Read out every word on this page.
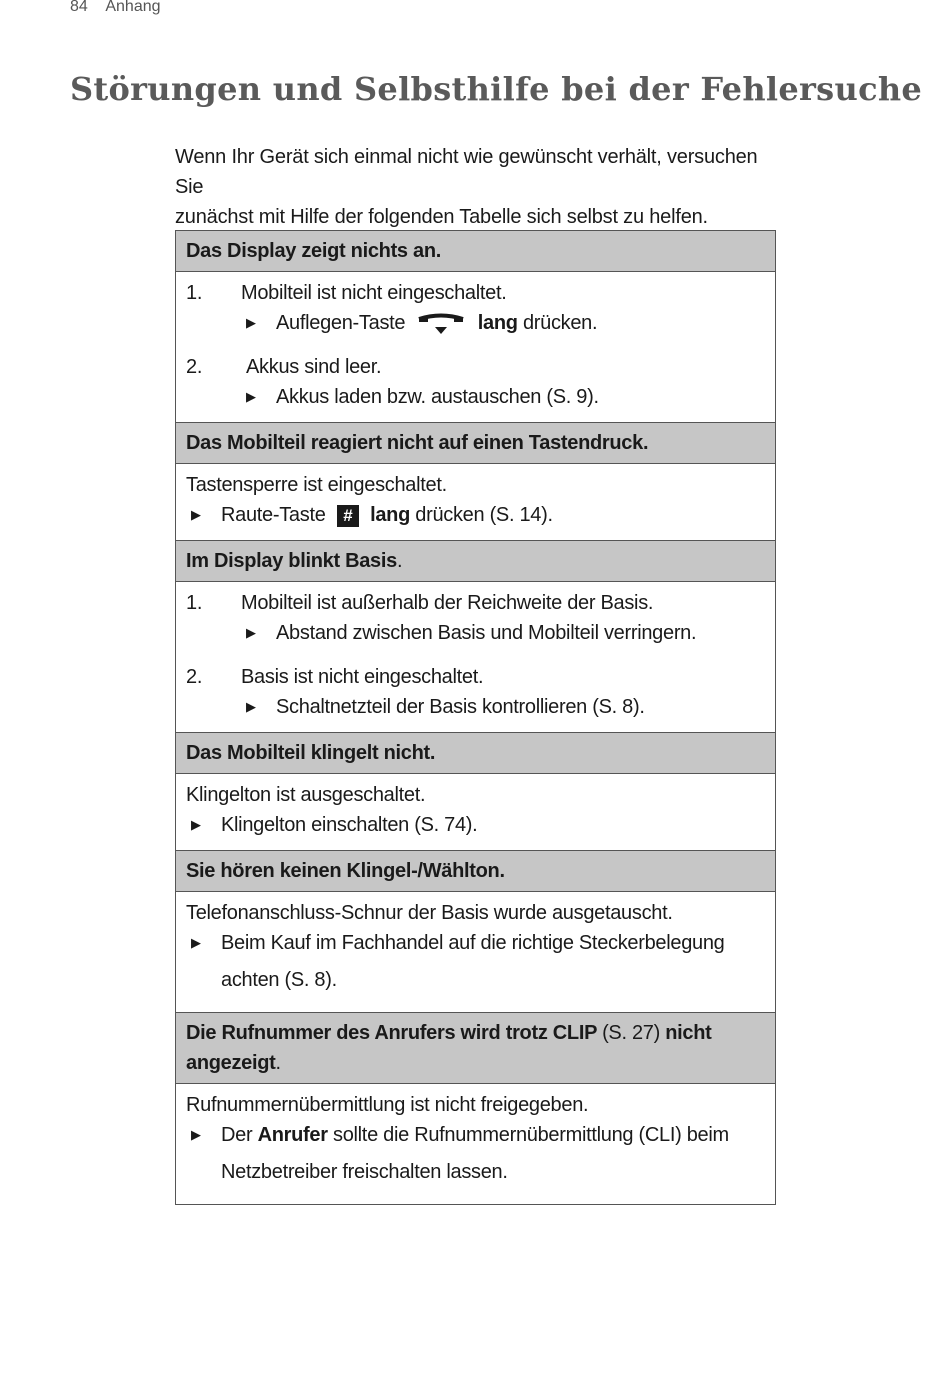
84 Anhang
Störungen und Selbsthilfe bei der Fehlersuche
Wenn Ihr Gerät sich einmal nicht wie gewünscht verhält, versuchen Sie
zunächst mit Hilfe der folgenden Tabelle sich selbst zu helfen.
Das Display zeigt nichts an.
1.	Mobilteil ist nicht eingeschaltet.
▶	Auflegen-Taste	lang drücken.
2.	Akkus sind leer.
▶	Akkus laden bzw. austauschen (S. 9).
Das Mobilteil reagiert nicht auf einen Tastendruck.
Tastensperre ist eingeschaltet.
▶	Raute-Taste # lang drücken (S. 14).
Im Display blinkt Basis.
1.	Mobilteil ist außerhalb der Reichweite der Basis.
▶	Abstand zwischen Basis und Mobilteil verringern.
2.	Basis ist nicht eingeschaltet.
▶	Schaltnetzteil der Basis kontrollieren (S. 8).
Das Mobilteil klingelt nicht.
Klingelton ist ausgeschaltet.
▶	Klingelton einschalten (S. 74).
Sie hören keinen Klingel-/Wählton.
Telefonanschluss-Schnur der Basis wurde ausgetauscht.
▶	Beim Kauf im Fachhandel auf die richtige Steckerbelegung
achten (S. 8).
Die Rufnummer des Anrufers wird trotz CLIP (S. 27) nicht
angezeigt.
Rufnummernübermittlung ist nicht freigegeben.
▶	Der Anrufer sollte die Rufnummernübermittlung (CLI) beim
Netzbetreiber freischalten lassen.
